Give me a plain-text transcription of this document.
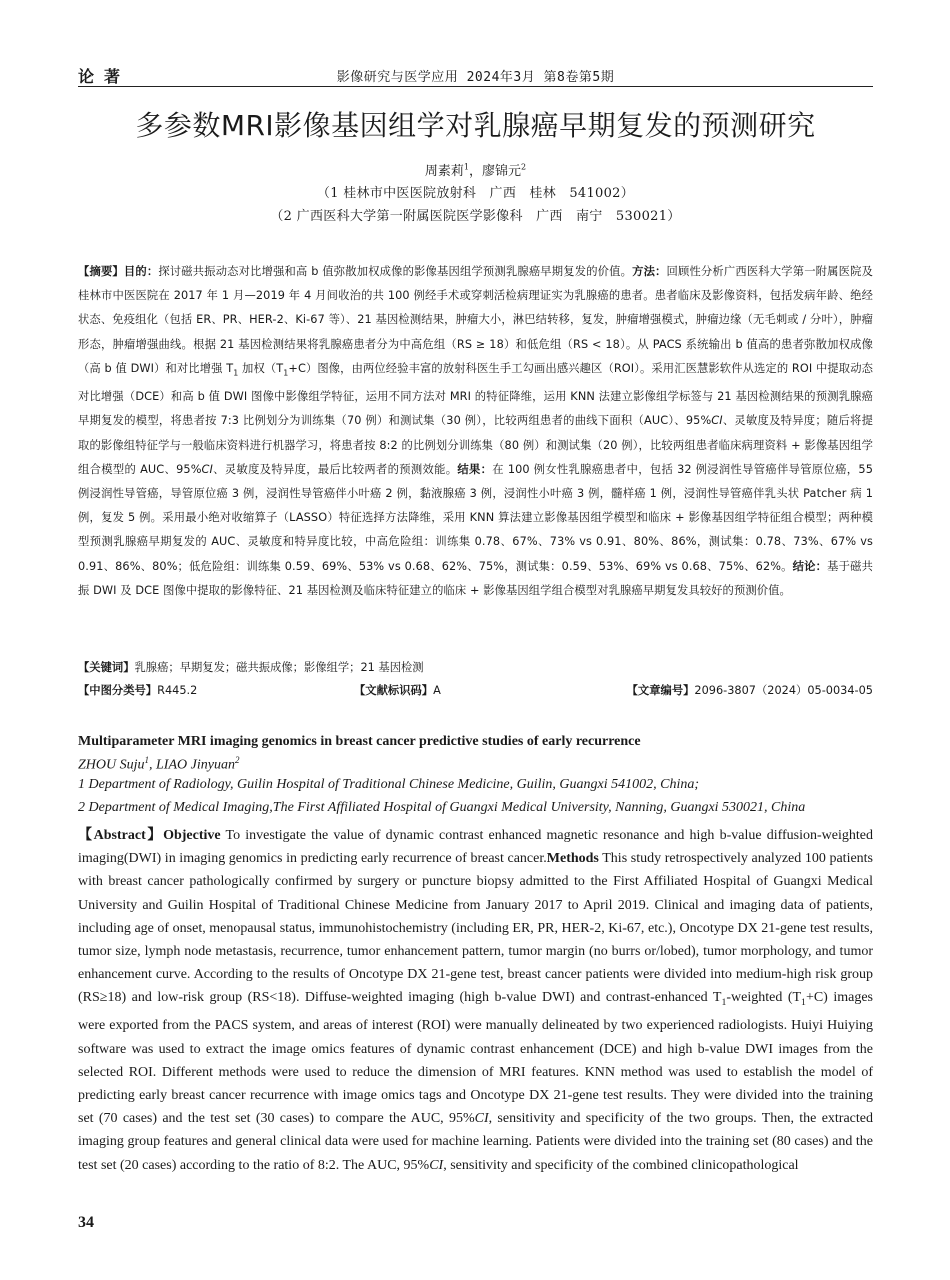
论著	影像研究与医学应用 2024年3月 第8卷第5期
多参数MRI影像基因组学对乳腺癌早期复发的预测研究
周素莉$^1$，廖锦元$^2$
（1 桂林市中医医院放射科　广西　桂林　541002）
（2 广西医科大学第一附属医院医学影像科　广西　南宁　530021）
【摘要】目的：探讨磁共振动态对比增强和高 b 值弥散加权成像的影像基因组学预测乳腺癌早期复发的价值。方法：回顾性分析广西医科大学第一附属医院及桂林市中医医院在 2017 年 1 月—2019 年 4 月间收治的共 100 例经手术或穿刺活检病理证实为乳腺癌的患者。患者临床及影像资料，包括发病年龄、绝经状态、免疫组化（包括 ER、PR、HER-2、Ki-67 等）、21 基因检测结果，肿瘤大小，淋巴结转移，复发，肿瘤增强模式，肿瘤边缘（无毛刺或 / 分叶），肿瘤形态，肿瘤增强曲线。根据 21 基因检测结果将乳腺癌患者分为中高危组（RS ≥ 18）和低危组（RS < 18）。从 PACS 系统输出 b 值高的患者弥散加权成像（高 b 值 DWI）和对比增强 $T_1$ 加权$(T_1+C)$图像，由两位经验丰富的放射科医生手工勾画出感兴趣区（ROI）。采用汇医慧影软件从选定的 ROI 中提取动态对比增强（DCE）和高 b 值 DWI 图像中影像组学特征，运用不同方法对 MRI 的特征降维，运用 KNN 法建立影像组学标签与 21 基因检测结果的预测乳腺癌早期复发的模型，将患者按 7:3 比例划分为训练集（70 例）和测试集（30 例），比较两组患者的曲线下面积（AUC）、95%CI、灵敏度及特异度；随后将提取的影像组特征学与一般临床资料进行机器学习，将患者按 8:2 的比例划分训练集（80 例）和测试集（20 例），比较两组患者临床病理资料 + 影像基因组学组合模型的 AUC、95%CI、灵敏度及特异度，最后比较两者的预测效能。结果：在 100 例女性乳腺癌患者中，包括 32 例浸润性导管癌伴导管原位癌，55 例浸润性导管癌，导管原位癌 3 例，浸润性导管癌伴小叶癌 2 例，黏液腺癌 3 例，浸润性小叶癌 3 例，髓样癌 1 例，浸润性导管癌伴乳头状 Patcher 病 1 例，复发 5 例。采用最小绝对收缩算子（LASSO）特征选择方法降维，采用 KNN 算法建立影像基因组学模型和临床 + 影像基因组学特征组合模型；两种模型预测乳腺癌早期复发的 AUC、灵敏度和特异度比较，中高危险组：训练集 0.78、67%、73% vs 0.91、80%、86%，测试集：0.78、73%、67% vs 0.91、86%、80%；低危险组：训练集 0.59、69%、53% vs 0.68、62%、75%，测试集：0.59、53%、69% vs 0.68、75%、62%。结论：基于磁共振 DWI 及 DCE 图像中提取的影像特征、21 基因检测及临床特征建立的临床 + 影像基因组学组合模型对乳腺癌早期复发具较好的预测价值。
【关键词】乳腺癌；早期复发；磁共振成像；影像组学；21 基因检测
【中图分类号】R445.2	【文献标识码】A	【文章编号】2096-3807（2024）05-0034-05
Multiparameter MRI imaging genomics in breast cancer predictive studies of early recurrence
ZHOU Suju$^1$, LIAO Jinyuan$^2$
1 Department of Radiology, Guilin Hospital of Traditional Chinese Medicine, Guilin, Guangxi 541002, China;
2 Department of Medical Imaging,The First Affiliated Hospital of Guangxi Medical University, Nanning, Guangxi 530021, China
【Abstract】Objective To investigate the value of dynamic contrast enhanced magnetic resonance and high b-value diffusion-weighted imaging(DWI) in imaging genomics in predicting early recurrence of breast cancer.Methods This study retrospectively analyzed 100 patients with breast cancer pathologically confirmed by surgery or puncture biopsy admitted to the First Affiliated Hospital of Guangxi Medical University and Guilin Hospital of Traditional Chinese Medicine from January 2017 to April 2019. Clinical and imaging data of patients, including age of onset, menopausal status, immunohistochemistry (including ER, PR, HER-2, Ki-67, etc.), Oncotype DX 21-gene test results, tumor size, lymph node metastasis, recurrence, tumor enhancement pattern, tumor margin (no burrs or/lobed), tumor morphology, and tumor enhancement curve. According to the results of Oncotype DX 21-gene test, breast cancer patients were divided into medium-high risk group (RS≥18) and low-risk group (RS<18). Diffuse-weighted imaging (high b-value DWI) and contrast-enhanced $T_1$-weighted $(T_1+C)$ images were exported from the PACS system, and areas of interest (ROI) were manually delineated by two experienced radiologists. Huiyi Huiying software was used to extract the image omics features of dynamic contrast enhancement (DCE) and high b-value DWI images from the selected ROI. Different methods were used to reduce the dimension of MRI features. KNN method was used to establish the model of predicting early breast cancer recurrence with image omics tags and Oncotype DX 21-gene test results. They were divided into the training set (70 cases) and the test set (30 cases) to compare the AUC, 95%CI, sensitivity and specificity of the two groups. Then, the extracted imaging group features and general clinical data were used for machine learning. Patients were divided into the training set (80 cases) and the test set (20 cases) according to the ratio of 8:2. The AUC, 95%CI, sensitivity and specificity of the combined clinicopathological
34
